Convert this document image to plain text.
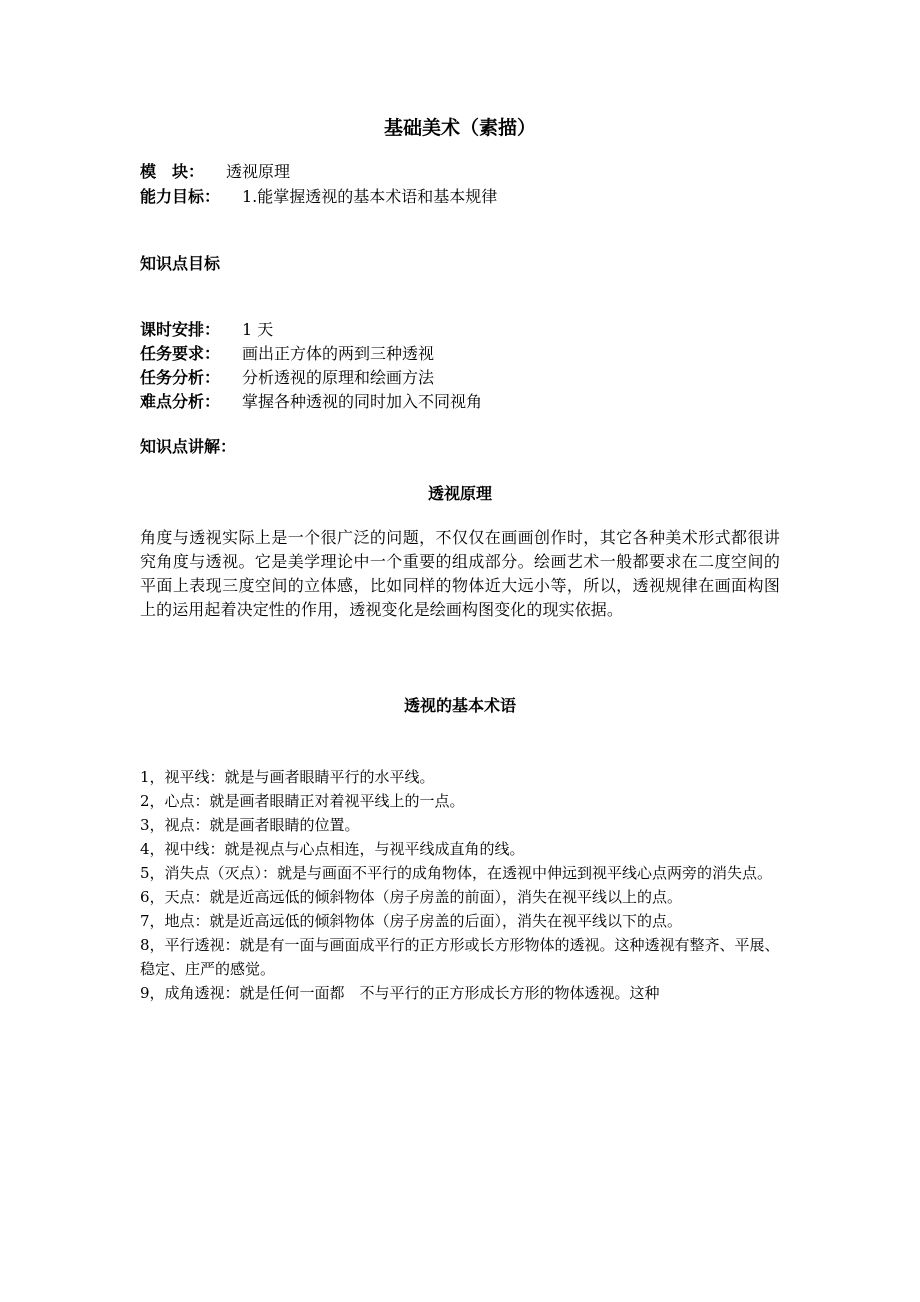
基础美术（素描）
模　块： 透视原理
能力目标： 1.能掌握透视的基本术语和基本规律
知识点目标
课时安排： 1 天
任务要求： 画出正方体的两到三种透视
任务分析： 分析透视的原理和绘画方法
难点分析： 掌握各种透视的同时加入不同视角
知识点讲解：
透视原理
角度与透视实际上是一个很广泛的问题，不仅仅在画画创作时，其它各种美术形式都很讲究角度与透视。它是美学理论中一个重要的组成部分。绘画艺术一般都要求在二度空间的平面上表现三度空间的立体感，比如同样的物体近大远小等，所以，透视规律在画面构图上的运用起着决定性的作用，透视变化是绘画构图变化的现实依据。
透视的基本术语

1，视平线：就是与画者眼睛平行的水平线。

2，心点：就是画者眼睛正对着视平线上的一点。

3，视点：就是画者眼睛的位置。

4，视中线：就是视点与心点相连，与视平线成直角的线。

5，消失点（灭点）：就是与画面不平行的成角物体，在透视中伸远到视平线心点两旁的消失点。

6，天点：就是近高远低的倾斜物体（房子房盖的前面），消失在视平线以上的点。

7，地点：就是近高远低的倾斜物体（房子房盖的后面），消失在视平线以下的点。

8，平行透视：就是有一面与画面成平行的正方形或长方形物体的透视。这种透视有整齐、平展、稳定、庄严的感觉。

9，成角透视：就是任何一面都　不与平行的正方形成长方形的物体透视。这种
